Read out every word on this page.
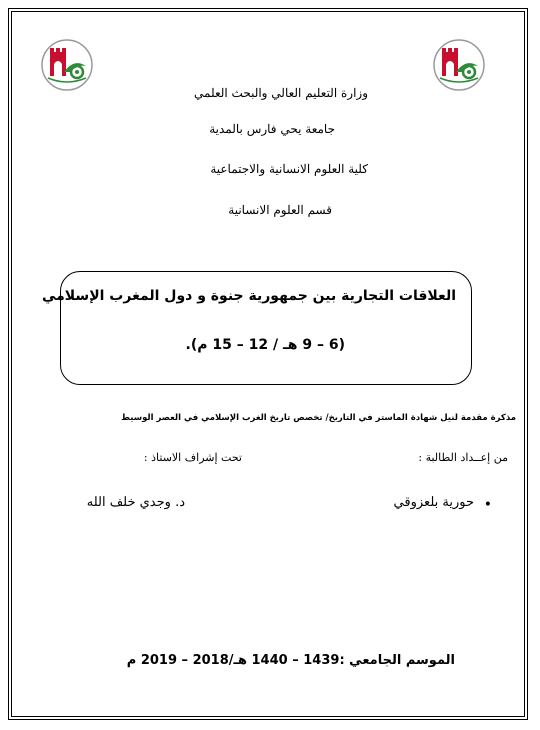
وزارة التعليم العالي والبحث العلمي
جامعة يحي فارس بالمدية
كلية العلوم الانسانية والاجتماعية
قسم العلوم الانسانية
العلاقات التجارية بين جمهورية جنوة و دول المغرب الإسلامي
(6 – 9 هـ / 12 – 15 م).
مذكرة مقدمة لنيل شهادة الماستر في التاريخ/ تخصص تاريخ الغرب الإسلامي في العصر الوسيط
من إعــداد الطالبة :
تحت إشراف الاستاذ :
•
حورية بلعزوقي
د. وجدي خلف الله
الموسم الجامعي :1439 – 1440 هـ/2018 – 2019 م
